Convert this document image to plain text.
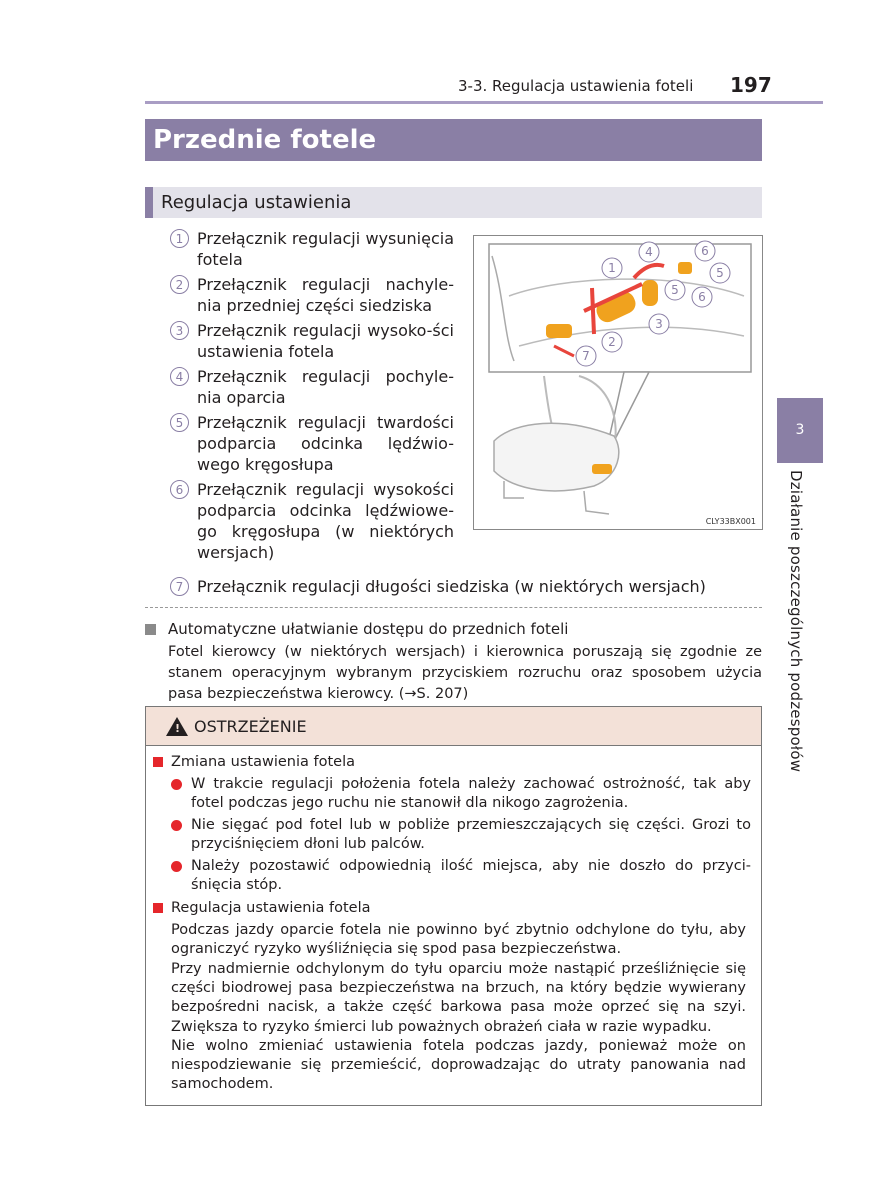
3-3. Regulacja ustawienia foteli 197
Przednie fotele
Regulacja ustawienia
1 Przełącznik regulacji wysunięcia fotela
2 Przełącznik regulacji nachyle-nia przedniej części siedziska
3 Przełącznik regulacji wysoko-ści ustawienia fotela
4 Przełącznik regulacji pochyle-nia oparcia
5 Przełącznik regulacji twardości podparcia odcinka lędźwio-wego kręgosłupa
6 Przełącznik regulacji wysokości podparcia odcinka lędźwiowe-go kręgosłupa (w niektórych wersjach)
7 Przełącznik regulacji długości siedziska (w niektórych wersjach)
1
2
3
4
5
6
7
5
6
CLY33BX001
Automatyczne ułatwianie dostępu do przednich foteli
Fotel kierowcy (w niektórych wersjach) i kierownica poruszają się zgodnie ze stanem operacyjnym wybranym przyciskiem rozruchu oraz sposobem użycia pasa bezpieczeństwa kierowcy. (→S. 207)
! OSTRZEŻENIE
Zmiana ustawienia fotela
W trakcie regulacji położenia fotela należy zachować ostrożność, tak aby fotel podczas jego ruchu nie stanowił dla nikogo zagrożenia.
Nie sięgać pod fotel lub w pobliże przemieszczających się części. Grozi to przyciśnięciem dłoni lub palców.
Należy pozostawić odpowiednią ilość miejsca, aby nie doszło do przyci-śnięcia stóp.
Regulacja ustawienia fotela
Podczas jazdy oparcie fotela nie powinno być zbytnio odchylone do tyłu, aby ograniczyć ryzyko wyśliźnięcia się spod pasa bezpieczeństwa.
Przy nadmiernie odchylonym do tyłu oparciu może nastąpić prześliźnięcie się części biodrowej pasa bezpieczeństwa na brzuch, na który będzie wywierany bezpośredni nacisk, a także część barkowa pasa może oprzeć się na szyi. Zwiększa to ryzyko śmierci lub poważnych obrażeń ciała w razie wypadku.
Nie wolno zmieniać ustawienia fotela podczas jazdy, ponieważ może on niespodziewanie się przemieścić, doprowadzając do utraty panowania nad samochodem.
3
Działanie poszczególnych podzespołów
